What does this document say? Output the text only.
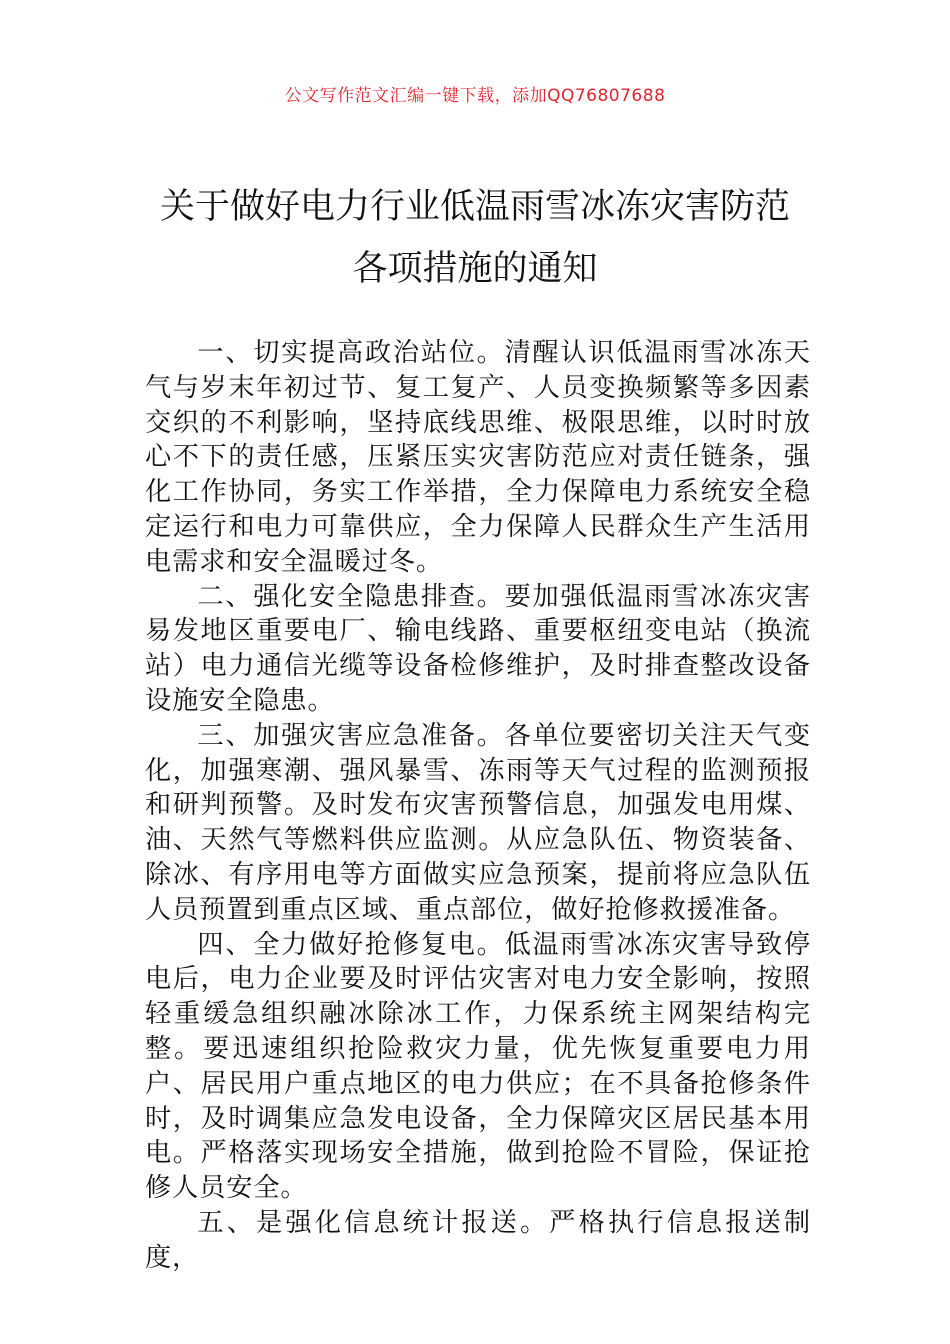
公文写作范文汇编一键下载，添加QQ76807688
关于做好电力行业低温雨雪冰冻灾害防范
各项措施的通知

一、切实提高政治站位。清醒认识低温雨雪冰冻天气与岁末年初过节、复工复产、人员变换频繁等多因素交织的不利影响，坚持底线思维、极限思维，以时时放心不下的责任感，压紧压实灾害防范应对责任链条，强化工作协同，务实工作举措，全力保障电力系统安全稳定运行和电力可靠供应，全力保障人民群众生产生活用电需求和安全温暖过冬。

二、强化安全隐患排查。要加强低温雨雪冰冻灾害易发地区重要电厂、输电线路、重要枢纽变电站（换流站）电力通信光缆等设备检修维护，及时排查整改设备设施安全隐患。

三、加强灾害应急准备。各单位要密切关注天气变化，加强寒潮、强风暴雪、冻雨等天气过程的监测预报和研判预警。及时发布灾害预警信息，加强发电用煤、油、天然气等燃料供应监测。从应急队伍、物资装备、除冰、有序用电等方面做实应急预案，提前将应急队伍人员预置到重点区域、重点部位，做好抢修救援准备。

四、全力做好抢修复电。低温雨雪冰冻灾害导致停电后，电力企业要及时评估灾害对电力安全影响，按照轻重缓急组织融冰除冰工作，力保系统主网架结构完整。要迅速组织抢险救灾力量，优先恢复重要电力用户、居民用户重点地区的电力供应；在不具备抢修条件时，及时调集应急发电设备，全力保障灾区居民基本用电。严格落实现场安全措施，做到抢险不冒险，保证抢修人员安全。

五、是强化信息统计报送。严格执行信息报送制度，
